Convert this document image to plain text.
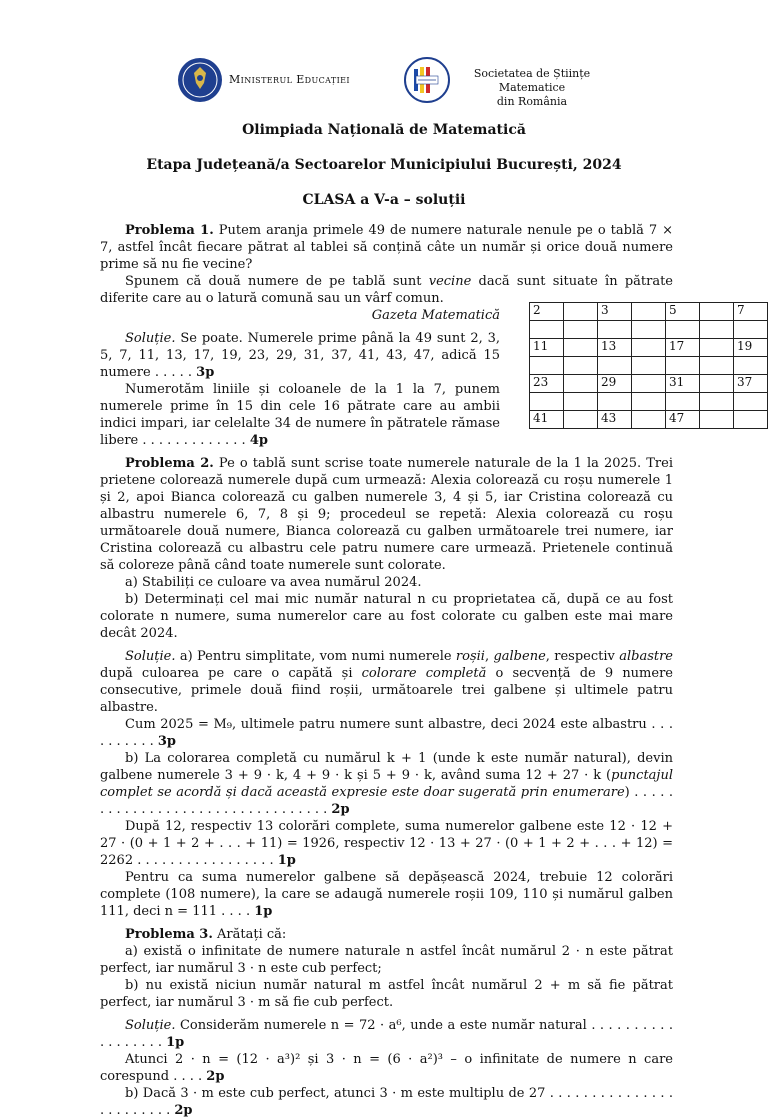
Ministerul Educației	Societatea de Științe Matematice
din România
Olimpiada Națională de Matematică
Etapa Județeană/a Sectoarelor Municipiului București, 2024
CLASA a V-a – soluții
2		3		5		7

11		13		17		19

23		29		31		37

41		43		47		

Problema 1. Putem aranja primele 49 de numere naturale nenule pe o tablă 7 × 7, astfel încât fiecare pătrat al tablei să conțină câte un număr și orice două numere prime să nu fie vecine?

Spunem că două numere de pe tablă sunt vecine dacă sunt situate în pătrate diferite care au o latură comună sau un vârf comun.

Gazeta Matematică

Soluție. Se poate. Numerele prime până la 49 sunt 2, 3, 5, 7, 11, 13, 17, 19, 23, 29, 31, 37, 41, 43, 47, adică 15 numere . . . . . 3p

Numerotăm liniile și coloanele de la 1 la 7, punem numerele prime în 15 din cele 16 pătrate care au ambii indici impari, iar celelalte 34 de numere în pătratele rămase libere . . . . . . . . . . . . . 4p

Problema 2. Pe o tablă sunt scrise toate numerele naturale de la 1 la 2025. Trei prietene colorează numerele după cum urmează: Alexia colorează cu roșu numerele 1 și 2, apoi Bianca colorează cu galben numerele 3, 4 și 5, iar Cristina colorează cu albastru numerele 6, 7, 8 și 9; procedeul se repetă: Alexia colorează cu roșu următoarele două numere, Bianca colorează cu galben următoarele trei numere, iar Cristina colorează cu albastru cele patru numere care urmează. Prietenele continuă să coloreze până când toate numerele sunt colorate.

a) Stabiliți ce culoare va avea numărul 2024.

b) Determinați cel mai mic număr natural n cu proprietatea că, după ce au fost colorate n numere, suma numerelor care au fost colorate cu galben este mai mare decât 2024.

Soluție. a) Pentru simplitate, vom numi numerele roșii, galbene, respectiv albastre după culoarea pe care o capătă și colorare completă o secvență de 9 numere consecutive, primele două fiind roșii, următoarele trei galbene și ultimele patru albastre.

Cum 2025 = M₉, ultimele patru numere sunt albastre, deci 2024 este albastru . . . . . . . . . . 3p

b) La colorarea completă cu numărul k + 1 (unde k este număr natural), devin galbene numerele 3 + 9 · k, 4 + 9 · k și 5 + 9 · k, având suma 12 + 27 · k (punctajul complet se acordă și dacă această expresie este doar sugerată prin enumerare) . . . . . . . . . . . . . . . . . . . . . . . . . . . . . . . . . 2p

După 12, respectiv 13 colorări complete, suma numerelor galbene este 12 · 12 + 27 · (0 + 1 + 2 + . . . + 11) = 1926, respectiv 12 · 13 + 27 · (0 + 1 + 2 + . . . + 12) = 2262 . . . . . . . . . . . . . . . . . 1p

Pentru ca suma numerelor galbene să depășească 2024, trebuie 12 colorări complete (108 numere), la care se adaugă numerele roșii 109, 110 și numărul galben 111, deci n = 111 . . . . 1p

Problema 3. Arătați că:

a) există o infinitate de numere naturale n astfel încât numărul 2 · n este pătrat perfect, iar numărul 3 · n este cub perfect;

b) nu există niciun număr natural m astfel încât numărul 2 + m să fie pătrat perfect, iar numărul 3 · m să fie cub perfect.

Soluție. Considerăm numerele n = 72 · a⁶, unde a este număr natural . . . . . . . . . . . . . . . . . . 1p

Atunci 2 · n = (12 · a³)² și 3 · n = (6 · a²)³ – o infinitate de numere n care corespund . . . . 2p

b) Dacă 3 · m este cub perfect, atunci 3 · m este multiplu de 27 . . . . . . . . . . . . . . . . . . . . . . . . 2p
